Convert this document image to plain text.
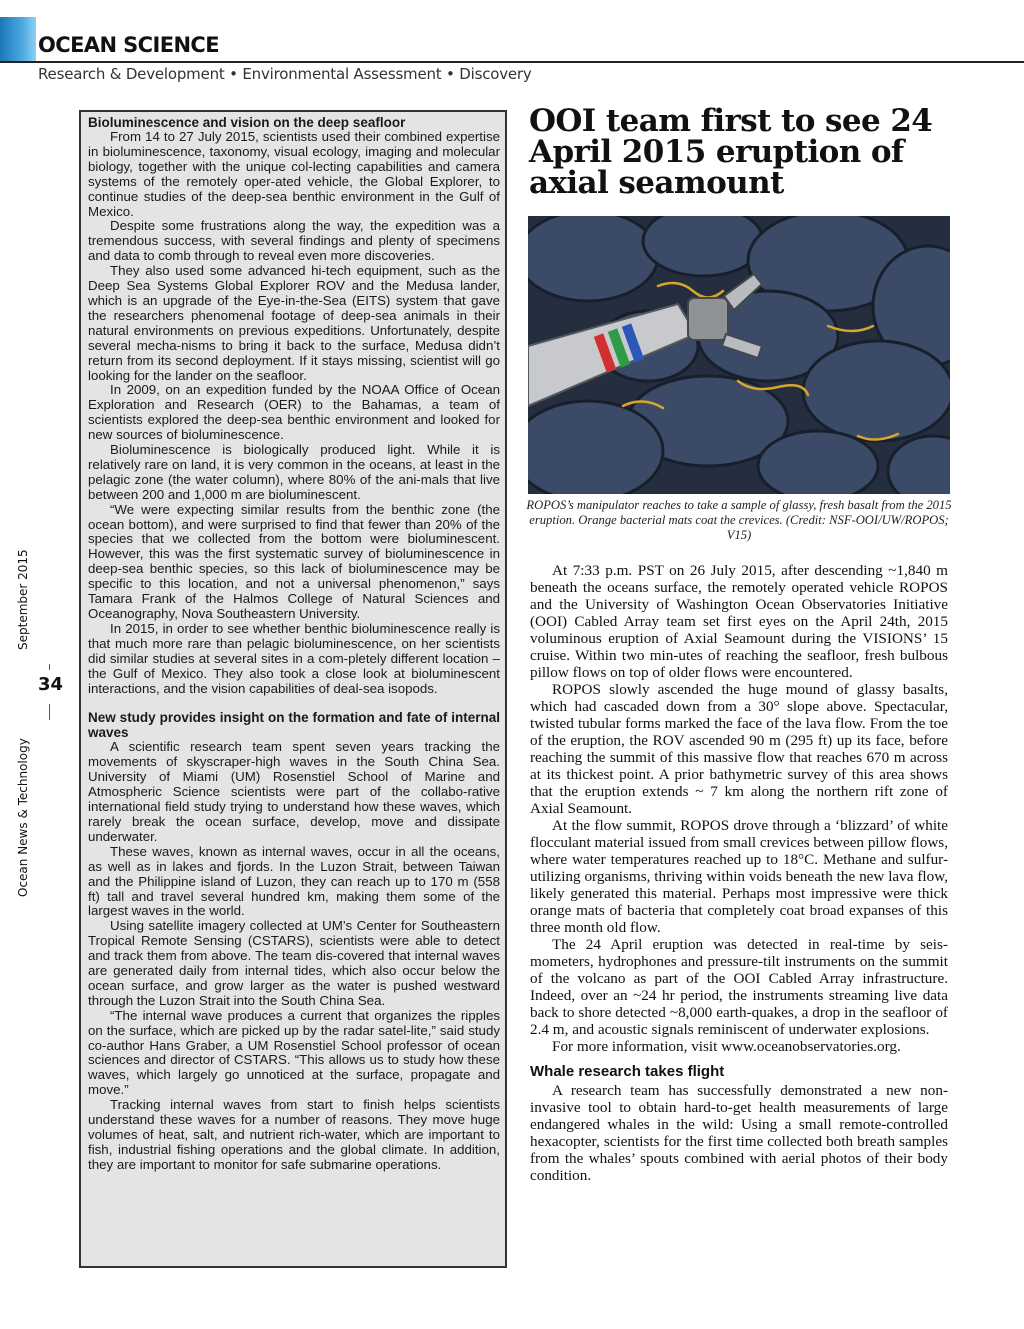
OCEAN SCIENCE

Research & Development • Environmental Assessment • Discovery

September 2015
34
Ocean News & Technology
Bioluminescence and vision on the deep seafloor

From 14 to 27 July 2015, scientists used their combined expertise in bioluminescence, taxonomy, visual ecology, imaging and molecular biology, together with the unique col-lecting capabilities and camera systems of the remotely oper-ated vehicle, the Global Explorer, to continue studies of the deep-sea benthic environment in the Gulf of Mexico.

Despite some frustrations along the way, the expedition was a tremendous success, with several findings and plenty of specimens and data to comb through to reveal even more discoveries.

They also used some advanced hi-tech equipment, such as the Deep Sea Systems Global Explorer ROV and the Medusa lander, which is an upgrade of the Eye-in-the-Sea (EITS) system that gave the researchers phenomenal footage of deep-sea animals in their natural environments on previous expeditions. Unfortunately, despite several mecha-nisms to bring it back to the surface, Medusa didn’t return from its second deployment. If it stays missing, scientist will go looking for the lander on the seafloor.

In 2009, on an expedition funded by the NOAA Office of Ocean Exploration and Research (OER) to the Bahamas, a team of scientists explored the deep-sea benthic environment and looked for new sources of bioluminescence.

Bioluminescence is biologically produced light. While it is relatively rare on land, it is very common in the oceans, at least in the pelagic zone (the water column), where 80% of the ani-mals that live between 200 and 1,000 m are bioluminescent.

“We were expecting similar results from the benthic zone (the ocean bottom), and were surprised to find that fewer than 20% of the species that we collected from the bottom were bioluminescent. However, this was the first systematic survey of bioluminescence in deep-sea benthic species, so this lack of bioluminescence may be specific to this location, and not a universal phenomenon,” says Tamara Frank of the Halmos College of Natural Sciences and Oceanography, Nova Southeastern University.

In 2015, in order to see whether benthic bioluminescence really is that much more rare than pelagic bioluminescence, on her scientists did similar studies at several sites in a com-pletely different location – the Gulf of Mexico. They also took a close look at bioluminescent interactions, and the vision capabilities of deal-sea isopods.

New study provides insight on the formation and fate of internal waves

A scientific research team spent seven years tracking the movements of skyscraper-high waves in the South China Sea. University of Miami (UM) Rosenstiel School of Marine and Atmospheric Science scientists were part of the collabo-rative international field study trying to understand how these waves, which rarely break the ocean surface, develop, move and dissipate underwater.

These waves, known as internal waves, occur in all the oceans, as well as in lakes and fjords. In the Luzon Strait, between Taiwan and the Philippine island of Luzon, they can reach up to 170 m (558 ft) tall and travel several hundred km, making them some of the largest waves in the world.

Using satellite imagery collected at UM’s Center for Southeastern Tropical Remote Sensing (CSTARS), scientists were able to detect and track them from above. The team dis-covered that internal waves are generated daily from internal tides, which also occur below the ocean surface, and grow larger as the water is pushed westward through the Luzon Strait into the South China Sea.

“The internal wave produces a current that organizes the ripples on the surface, which are picked up by the radar satel-lite,” said study co-author Hans Graber, a UM Rosenstiel School professor of ocean sciences and director of CSTARS. “This allows us to study how these waves, which largely go unnoticed at the surface, propagate and move.”

Tracking internal waves from start to finish helps scientists understand these waves for a number of reasons. They move huge volumes of heat, salt, and nutrient rich-water, which are important to fish, industrial fishing operations and the global climate. In addition, they are important to monitor for safe submarine operations.

OOI team first to see 24 April 2015 eruption of axial seamount

ROPOS’s manipulator reaches to take a sample of glassy, fresh basalt from the 2015 eruption. Orange bacterial mats coat the crevices. (Credit: NSF-OOI/UW/ROPOS; V15)

At 7:33 p.m. PST on 26 July 2015, after descending ~1,840 m beneath the oceans surface, the remotely operated vehicle ROPOS and the University of Washington Ocean Observatories Initiative (OOI) Cabled Array team set first eyes on the April 24th, 2015 voluminous eruption of Axial Seamount during the VISIONS’ 15 cruise. Within two min-utes of reaching the seafloor, fresh bulbous pillow flows on top of older flows were encountered.

ROPOS slowly ascended the huge mound of glassy basalts, which had cascaded down from a 30° slope above. Spectacular, twisted tubular forms marked the face of the lava flow. From the toe of the eruption, the ROV ascended 90 m (295 ft) up its face, before reaching the summit of this massive flow that reaches 670 m across at its thickest point. A prior bathymetric survey of this area shows that the eruption extends ~ 7 km along the northern rift zone of Axial Seamount.

At the flow summit, ROPOS drove through a ‘blizzard’ of white flocculant material issued from small crevices between pillow flows, where water temperatures reached up to 18°C. Methane and sulfur-utilizing organisms, thriving within voids beneath the new lava flow, likely generated this material. Perhaps most impressive were thick orange mats of bacteria that completely coat broad expanses of this three month old flow.

The 24 April eruption was detected in real-time by seis-mometers, hydrophones and pressure-tilt instruments on the summit of the volcano as part of the OOI Cabled Array infrastructure. Indeed, over an ~24 hr period, the instruments streaming live data back to shore detected ~8,000 earth-quakes, a drop in the seafloor of 2.4 m, and acoustic signals reminiscent of underwater explosions.

For more information, visit www.oceanobservatories.org.

Whale research takes flight

A research team has successfully demonstrated a new non-invasive tool to obtain hard-to-get health measurements of large endangered whales in the wild: Using a small remote-controlled hexacopter, scientists for the first time collected both breath samples from the whales’ spouts combined with aerial photos of their body condition.
